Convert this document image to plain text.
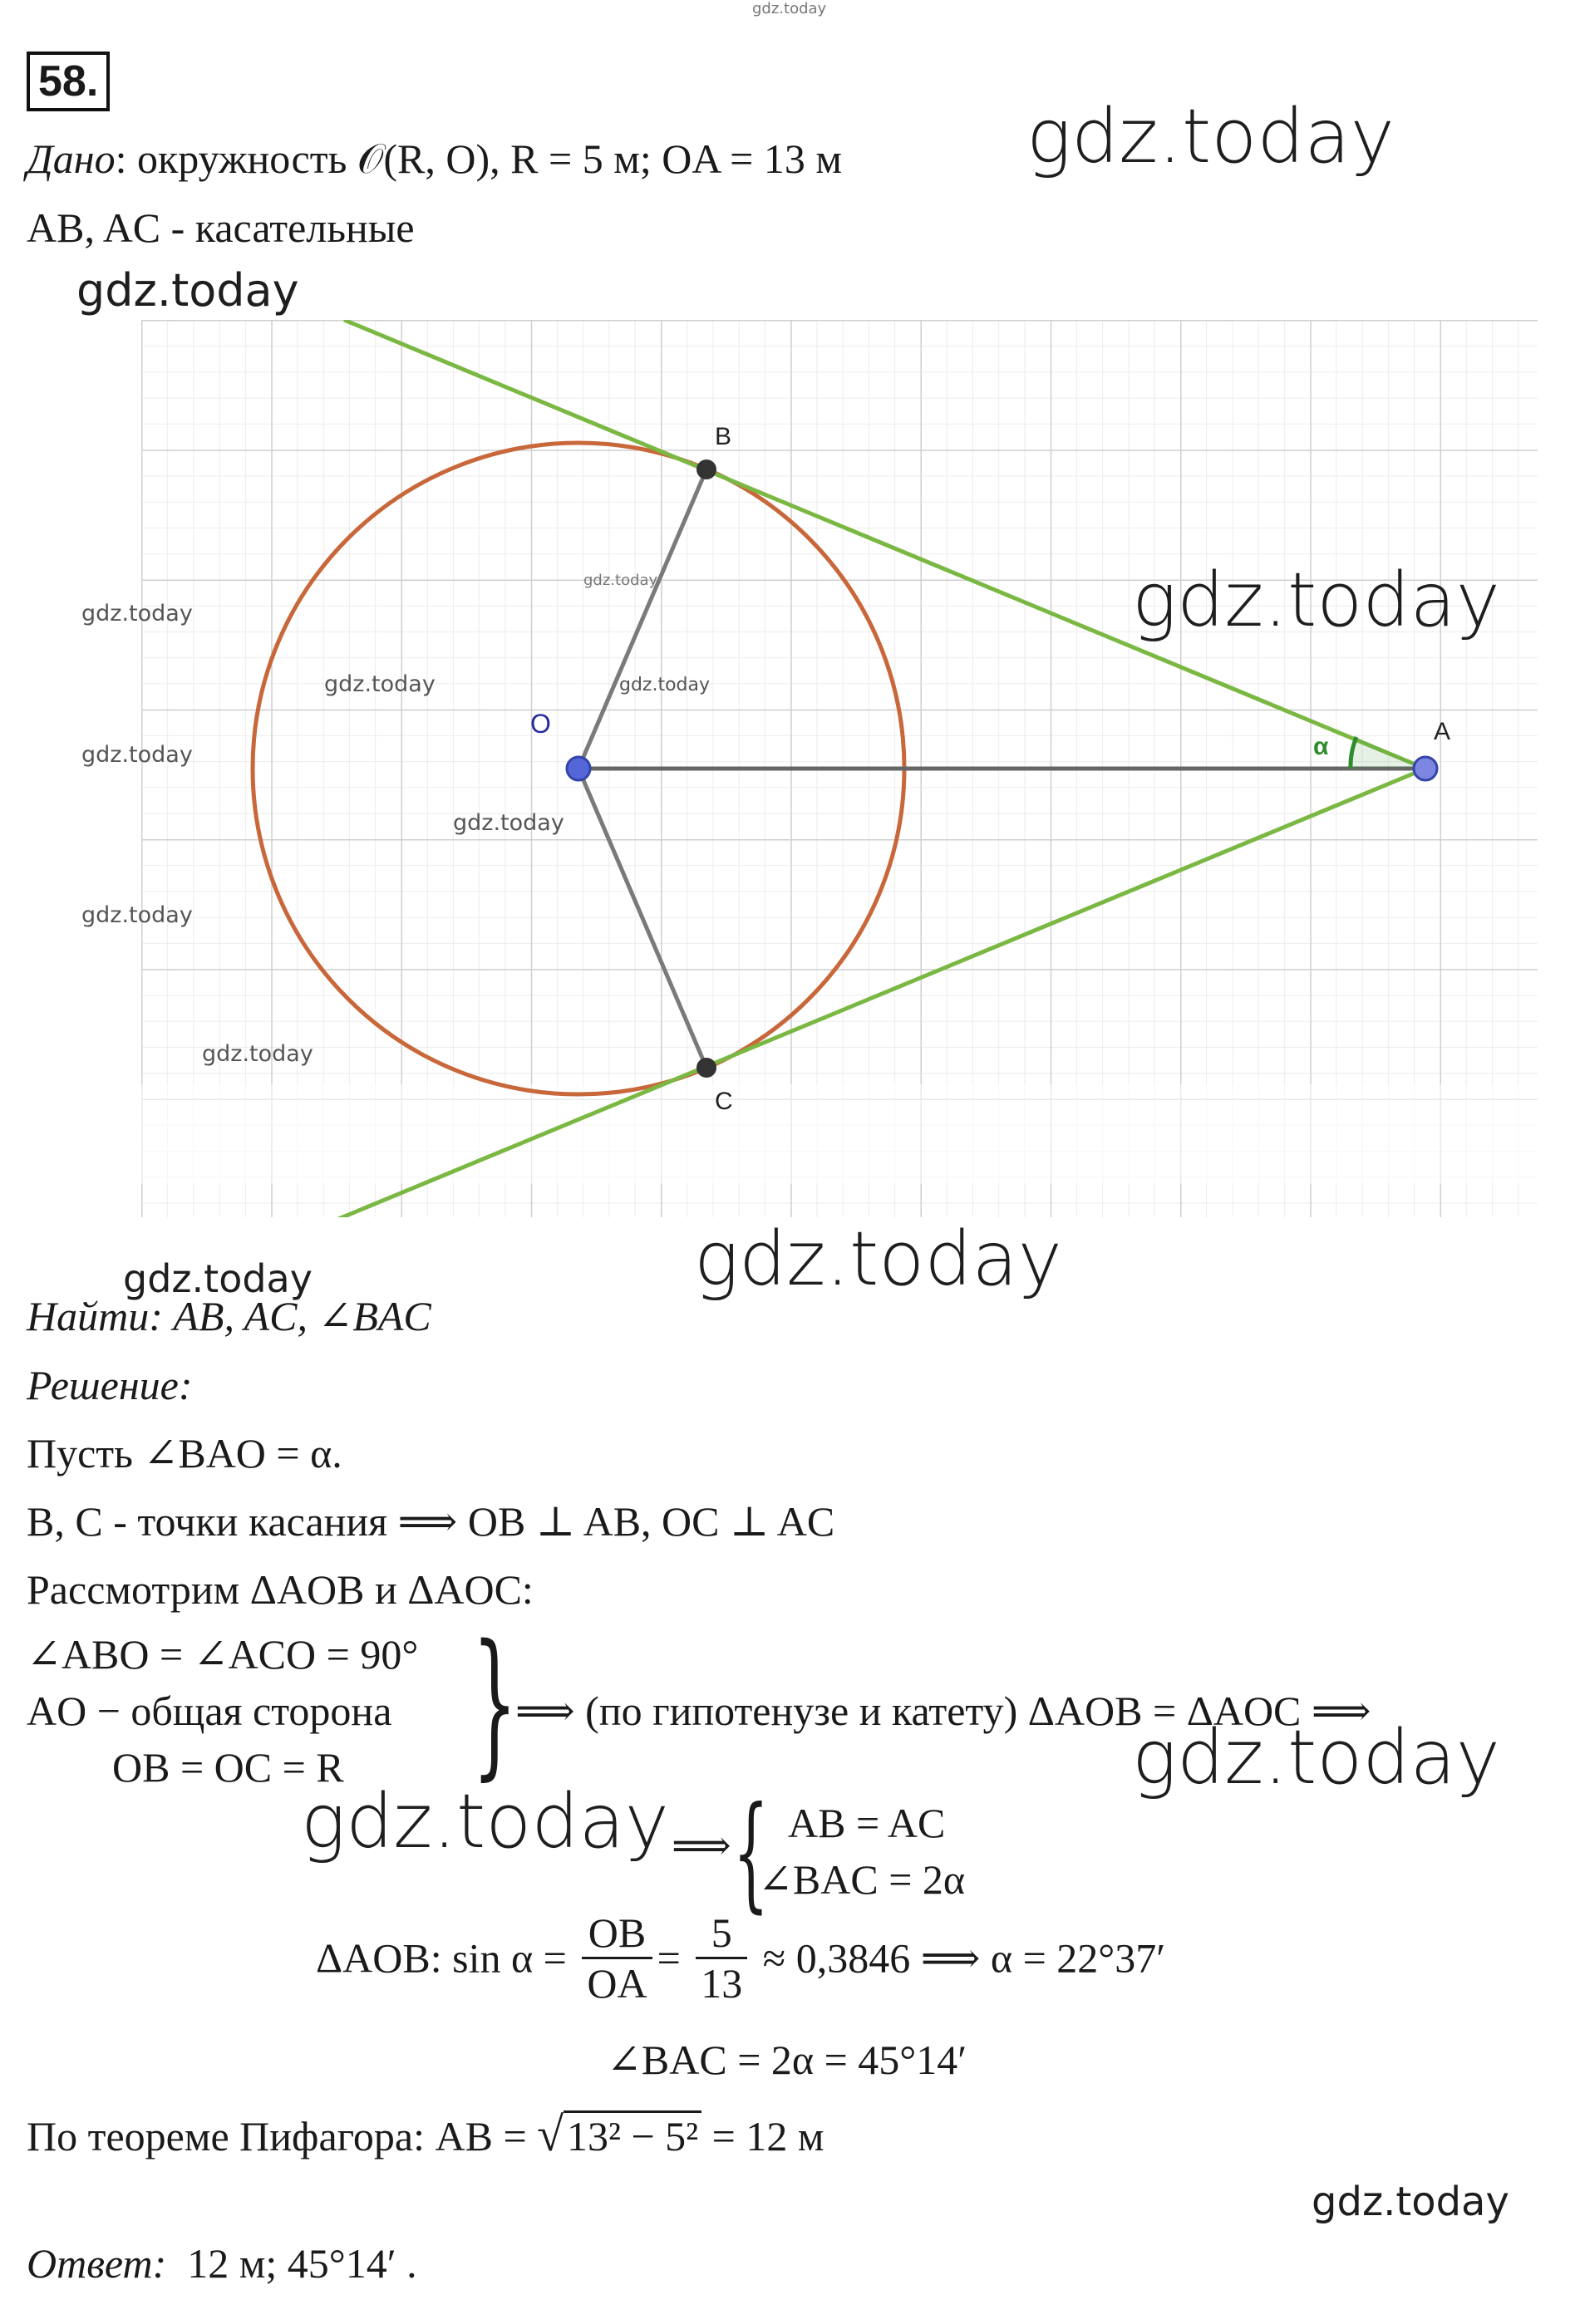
gdz.today
58.
Дано: окружность 𝒪(R, O), R = 5 м; OA = 13 м gdz.today
AB, AC - касательные
gdz.today
α
B
O	A
C
gdz.today	gdz.today
gdz.today
gdz.today	gdz.today
gdz.today
gdz.today
gdz.today
gdz.today
gdz.today
gdz.today
Найти: AB, AC, ∠BAC
Решение:
Пусть ∠BAO = α.
B, C - точки касания ⟹ OB ⊥ AB, OC ⊥ AC
Рассмотрим ΔAOB и ΔAOC:
∠ABO = ∠ACO = 90°
AO − общая сторона
OB = OC = R }
⟹ (по гипотенузе и катету) ΔAOB = ΔAOC ⟹
gdz.today
gdz.today ⟹ { AB = AC
∠BAC = 2α
ΔAOB: $\sin \alpha = \frac{OB}{OA} = \frac{5}{13} \approx 0,3846$ ⟹ α = 22°37′
∠BAC = 2α = 45°14′
По теореме Пифагора: AB = √13² − 5² = 12 м
gdz.today
Ответ: 12 м; 45°14′ .
